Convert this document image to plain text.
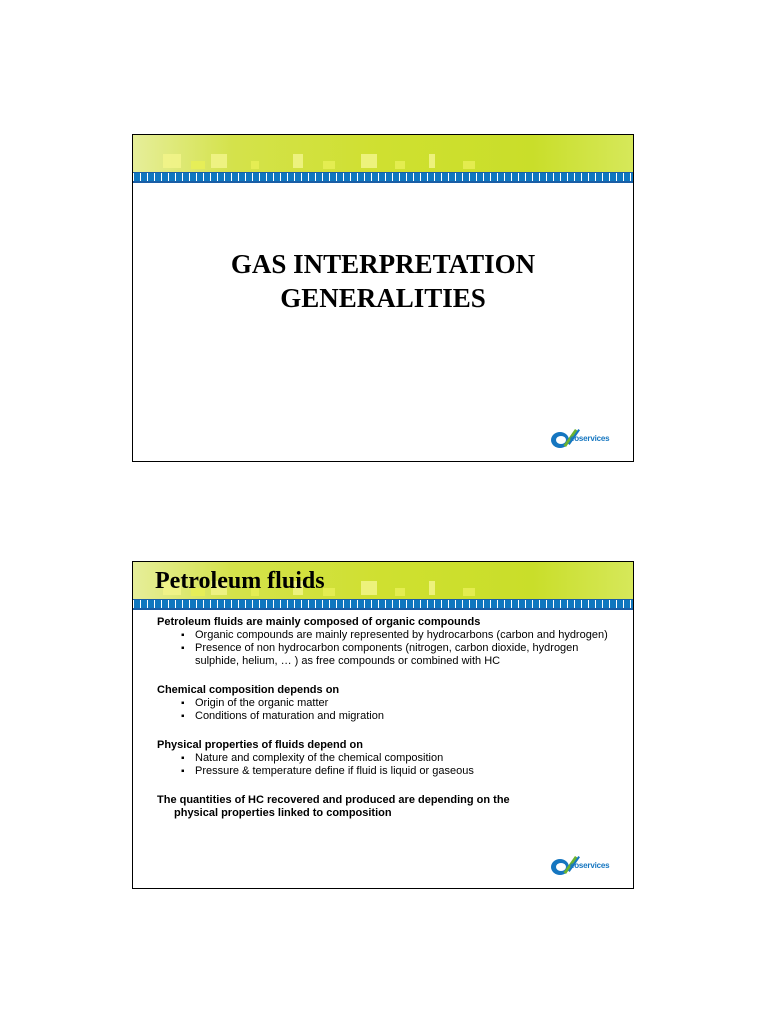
GAS INTERPRETATION
GENERALITIES
eoservices
Petroleum fluids

Petroleum fluids are mainly composed of organic compounds

▪ Organic compounds are mainly represented by hydrocarbons (carbon and hydrogen)
▪ Presence of non hydrocarbon components (nitrogen, carbon dioxide, hydrogen sulphide, helium, … ) as free compounds or combined with HC

Chemical composition depends on

▪ Origin of the organic matter
▪ Conditions of maturation and migration

Physical properties of fluids depend on

▪ Nature and complexity of the chemical composition
▪ Pressure & temperature define if fluid is liquid or gaseous

The quantities of HC recovered and produced are depending on the

physical properties linked to composition

eoservices
